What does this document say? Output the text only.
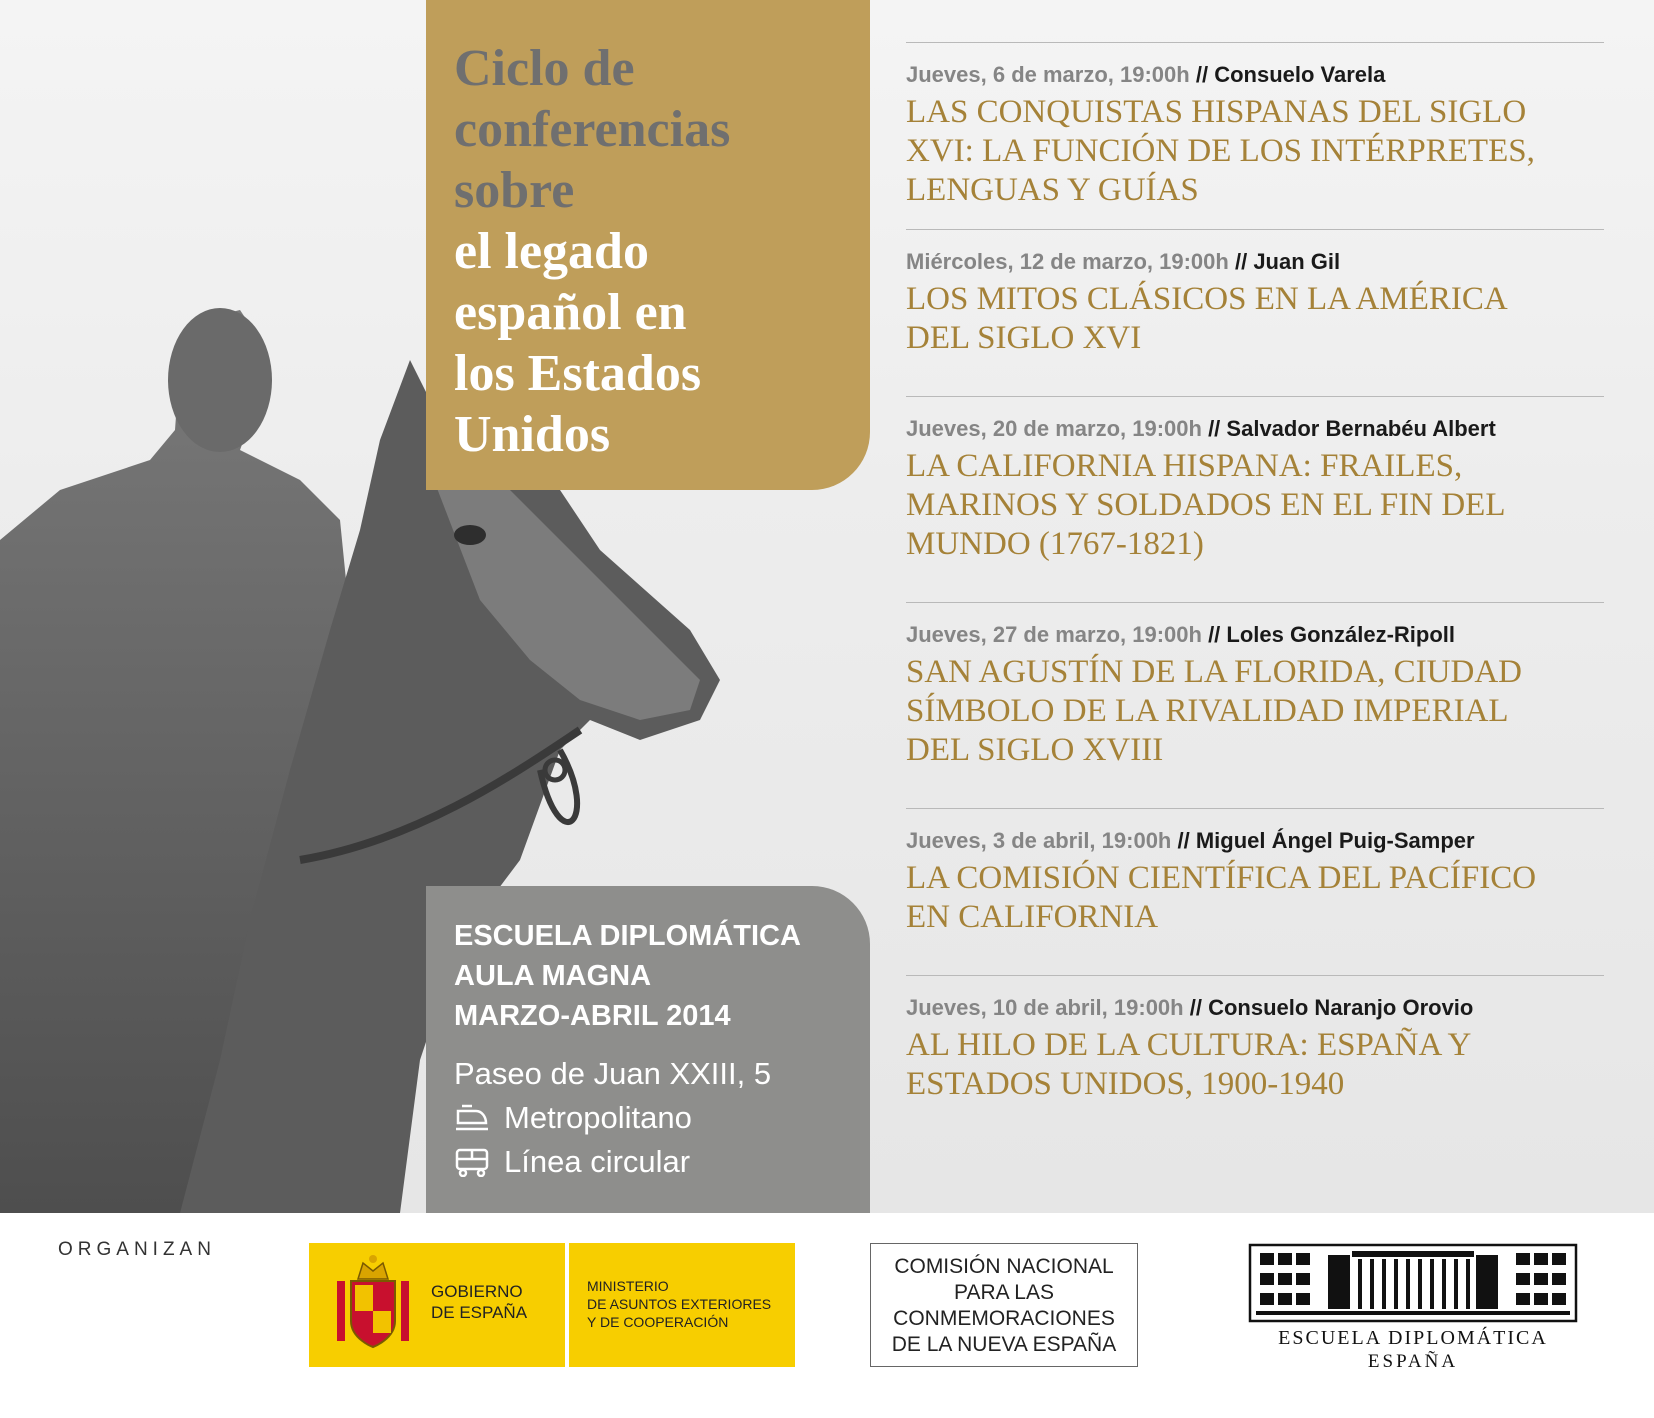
Ciclo de
conferencias
sobre
el legado
español en
los Estados
Unidos
ESCUELA DIPLOMÁTICA
AULA MAGNA
MARZO-ABRIL 2014
Paseo de Juan XXIII, 5
Metropolitano
Línea circular
Jueves, 6 de marzo, 19:00h // Consuelo Varela
LAS CONQUISTAS HISPANAS DEL SIGLO
XVI: LA FUNCIÓN DE LOS INTÉRPRETES,
LENGUAS Y GUÍAS
Miércoles, 12 de marzo, 19:00h // Juan Gil
LOS MITOS CLÁSICOS EN LA AMÉRICA
DEL SIGLO XVI
Jueves, 20 de marzo, 19:00h // Salvador Bernabéu Albert
LA CALIFORNIA HISPANA: FRAILES,
MARINOS Y SOLDADOS EN EL FIN DEL
MUNDO (1767-1821)
Jueves, 27 de marzo, 19:00h // Loles González-Ripoll
SAN AGUSTÍN DE LA FLORIDA, CIUDAD
SÍMBOLO DE LA RIVALIDAD IMPERIAL
DEL SIGLO XVIII
Jueves, 3 de abril, 19:00h // Miguel Ángel Puig-Samper
LA COMISIÓN CIENTÍFICA DEL PACÍFICO
EN CALIFORNIA
Jueves, 10 de abril, 19:00h // Consuelo Naranjo Orovio
AL HILO DE LA CULTURA: ESPAÑA Y
ESTADOS UNIDOS, 1900-1940
ORGANIZAN
GOBIERNO
DE ESPAÑA
MINISTERIO
DE ASUNTOS EXTERIORES
Y DE COOPERACIÓN
COMISIÓN NACIONAL
PARA LAS
CONMEMORACIONES
DE LA NUEVA ESPAÑA	ESCUELA DIPLOMÁTICA
ESPAÑA
